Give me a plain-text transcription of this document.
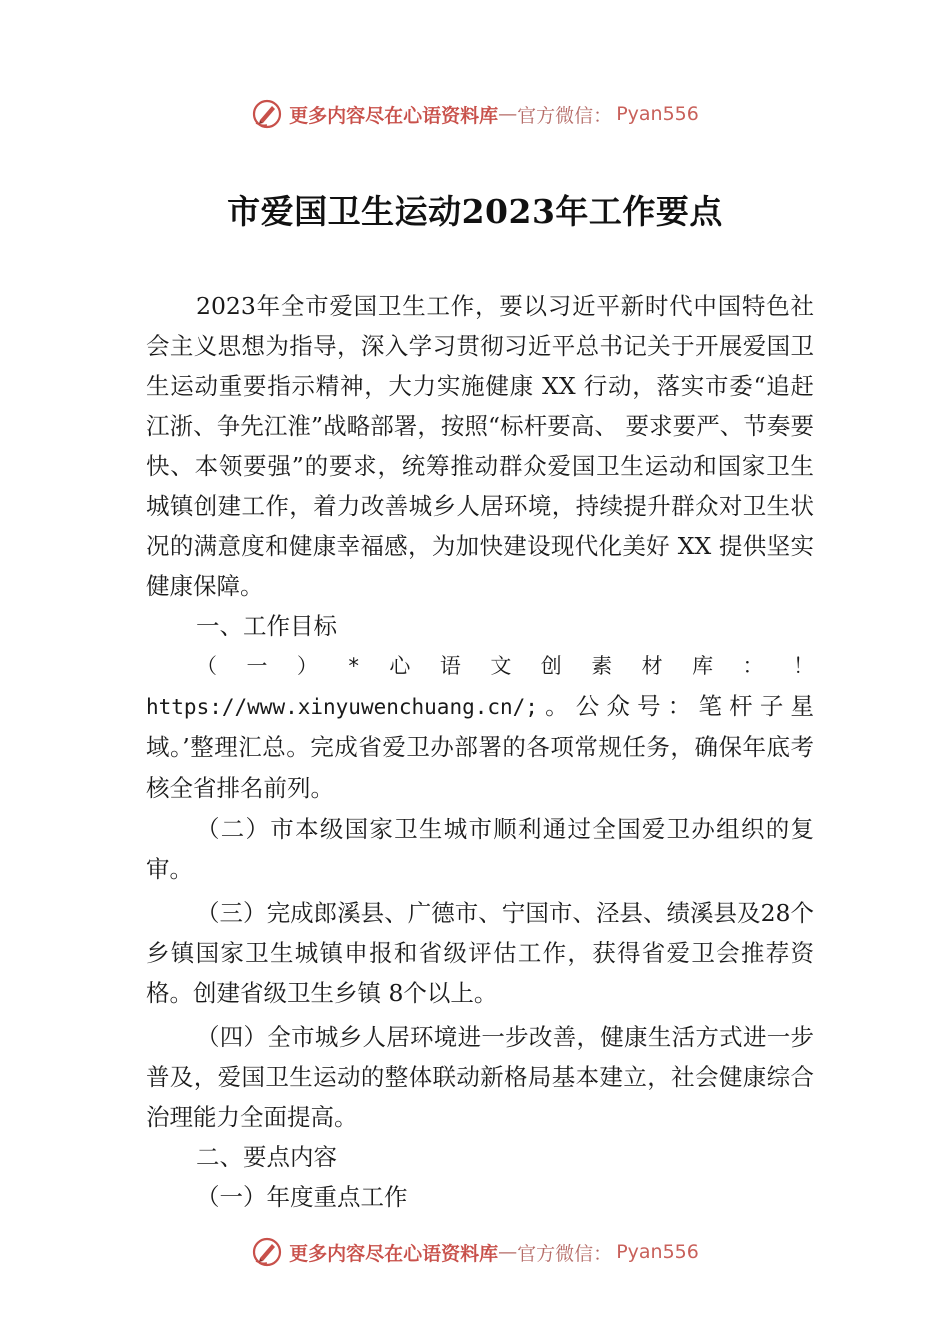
更多内容尽在心语资料库 — 官方微信： Pyan556
市爱国卫生运动2023年工作要点

2023年全市爱国卫生工作，要以习近平新时代中国特色社会主义思想为指导，深入学习贯彻习近平总书记关于开展爱国卫生运动重要指示精神，大力实施健康 XX 行动，落实市委“追赶江浙、争先江淮”战略部署，按照“标杆要高、 要求要严、节奏要快、本领要强”的要求，统筹推动群众爱国卫生运动和国家卫生城镇创建工作，着力改善城乡人居环境，持续提升群众对卫生状况的满意度和健康幸福感，为加快建设现代化美好 XX 提供坚实健康保障。

一、工作目标

（一）*心语文创素材库：！https://www.xinyuwenchuang.cn/;。公众号：笔杆子星域。’整理汇总。完成省爱卫办部署的各项常规任务，确保年底考核全省排名前列。

（二）市本级国家卫生城市顺利通过全国爱卫办组织的复审。

（三）完成郎溪县、广德市、宁国市、泾县、绩溪县及28个乡镇国家卫生城镇申报和省级评估工作，获得省爱卫会推荐资格。创建省级卫生乡镇 8个以上。

（四）全市城乡人居环境进一步改善，健康生活方式进一步普及，爱国卫生运动的整体联动新格局基本建立，社会健康综合治理能力全面提高。

二、要点内容

（一）年度重点工作

更多内容尽在心语资料库 — 官方微信： Pyan556
